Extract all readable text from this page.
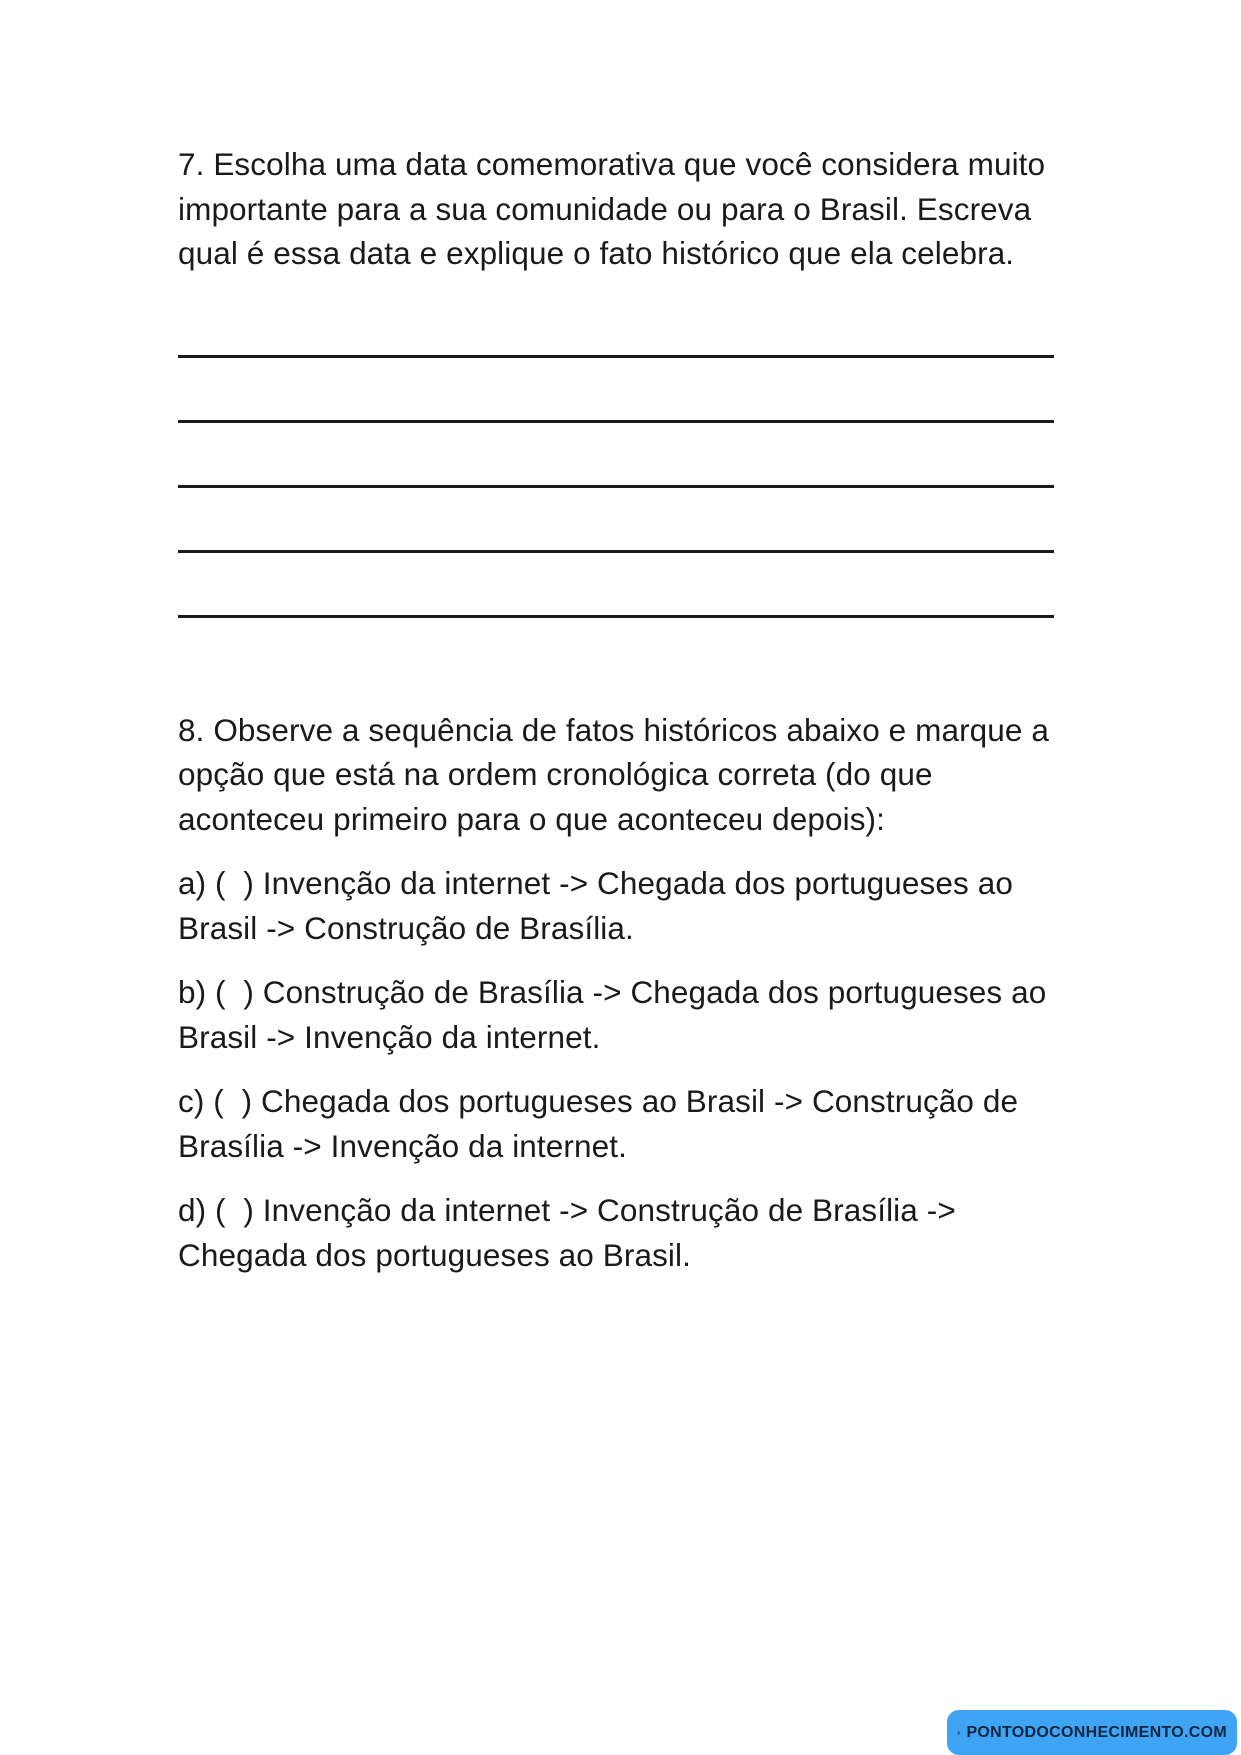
7. Escolha uma data comemorativa que você considera muito importante para a sua comunidade ou para o Brasil. Escreva qual é essa data e explique o fato histórico que ela celebra.

8. Observe a sequência de fatos históricos abaixo e marque a opção que está na ordem cronológica correta (do que aconteceu primeiro para o que aconteceu depois):

a) (  ) Invenção da internet -> Chegada dos portugueses ao Brasil -> Construção de Brasília.

b) (  ) Construção de Brasília -> Chegada dos portugueses ao Brasil -> Invenção da internet.

c) (  ) Chegada dos portugueses ao Brasil -> Construção de Brasília -> Invenção da internet.

d) (  ) Invenção da internet -> Construção de Brasília -> Chegada dos portugueses ao Brasil.

PONTODOCONHECIMENTO.COM
